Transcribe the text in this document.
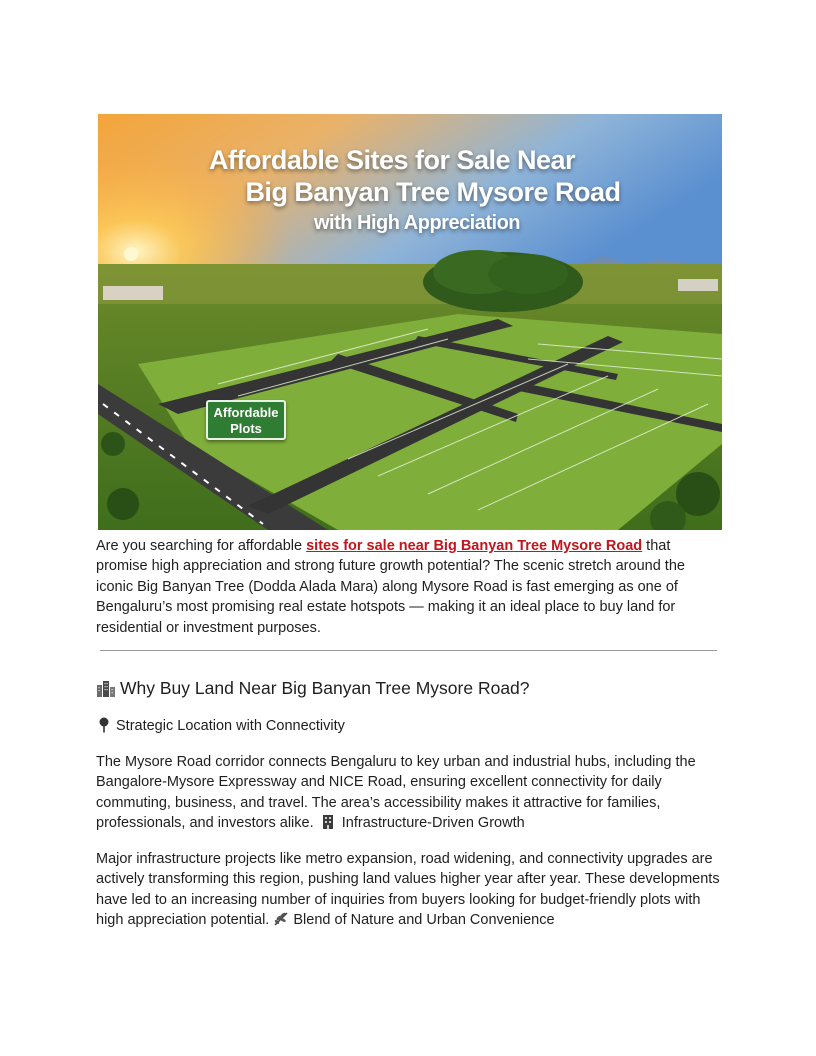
Affordable Sites for Sale Near
Big Banyan Tree Mysore Road
with High Appreciation
Affordable
Plots

Are you searching for affordable sites for sale near Big Banyan Tree Mysore Road that promise high appreciation and strong future growth potential? The scenic stretch around the iconic Big Banyan Tree (Dodda Alada Mara) along Mysore Road is fast emerging as one of Bengaluru’s most promising real estate hotspots — making it an ideal place to buy land for residential or investment purposes.

Why Buy Land Near Big Banyan Tree Mysore Road?
Strategic Location with Connectivity

The Mysore Road corridor connects Bengaluru to key urban and industrial hubs, including the Bangalore-Mysore Expressway and NICE Road, ensuring excellent connectivity for daily commuting, business, and travel. The area’s accessibility makes it attractive for families, professionals, and investors alike. Infrastructure-Driven Growth

Major infrastructure projects like metro expansion, road widening, and connectivity upgrades are actively transforming this region, pushing land values higher year after year. These developments have led to an increasing number of inquiries from buyers looking for budget-friendly plots with high appreciation potential. Blend of Nature and Urban Convenience
